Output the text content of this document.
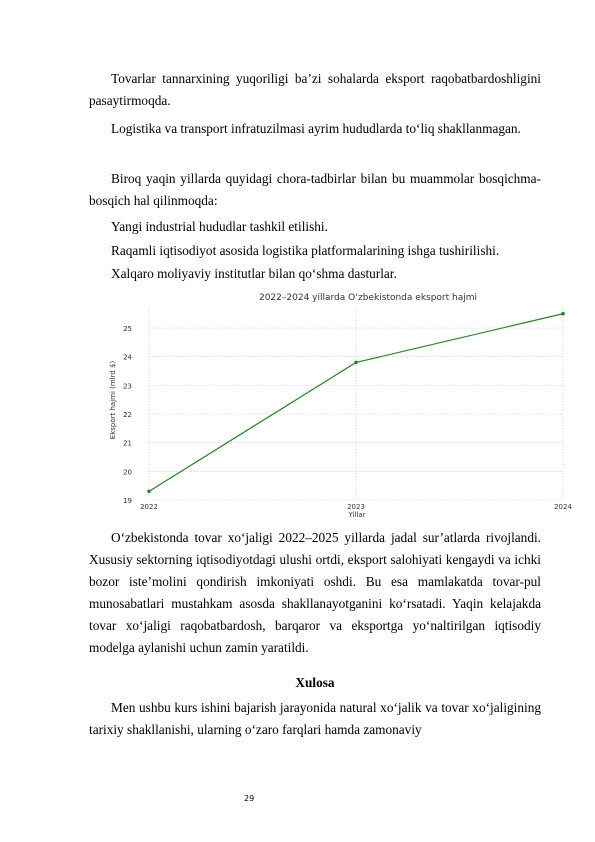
Tovarlar tannarxining yuqoriligi ba’zi sohalarda eksport raqobatbardoshligini pasaytirmoqda.

Logistika va transport infratuzilmasi ayrim hududlarda to‘liq shakllanmagan.

Biroq yaqin yillarda quyidagi chora-tadbirlar bilan bu muammolar bosqichma-bosqich hal qilinmoqda:

Yangi industrial hududlar tashkil etilishi.

Raqamli iqtisodiyot asosida logistika platformalarining ishga tushirilishi.

Xalqaro moliyaviy institutlar bilan qo‘shma dasturlar.

2022–2024 yillarda O‘zbekistonda eksport hajmi
19
20
21
22
23
24
25
2022	2023	2024
Yillar
Eksport hajmi (mlrd $)

O‘zbekistonda tovar xo‘jaligi 2022–2025 yillarda jadal sur’atlarda rivojlandi. Xususiy sektorning iqtisodiyotdagi ulushi ortdi, eksport salohiyati kengaydi va ichki bozor iste’molini qondirish imkoniyati oshdi. Bu esa mamlakatda tovar-pul munosabatlari mustahkam asosda shakllanayotganini ko‘rsatadi. Yaqin kelajakda tovar xo‘jaligi raqobatbardosh, barqaror va eksportga yo‘naltirilgan iqtisodiy modelga aylanishi uchun zamin yaratildi.

Xulosa

Men ushbu kurs ishini bajarish jarayonida natural xo‘jalik va tovar xo‘jaligining tarixiy shakllanishi, ularning o‘zaro farqlari hamda zamonaviy

29
